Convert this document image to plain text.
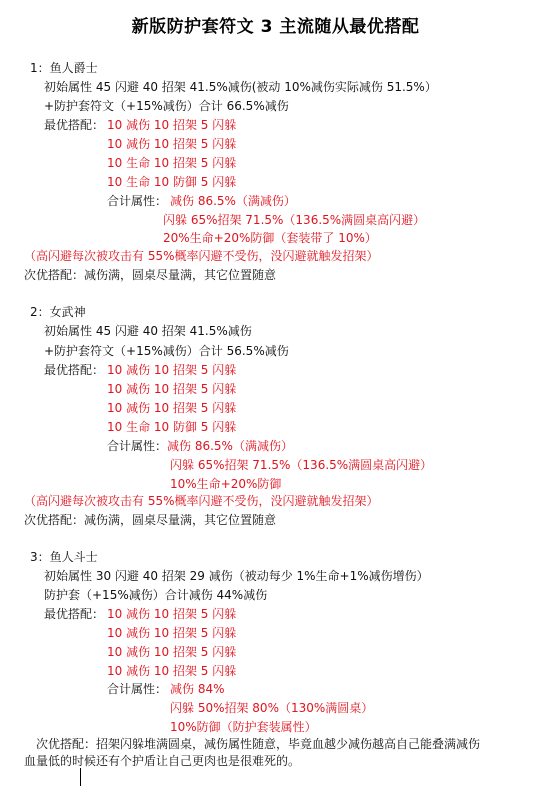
新版防护套符文 3 主流随从最优搭配
1：鱼人爵士
初始属性 45 闪避 40 招架 41.5%减伤(被动 10%减伤实际减伤 51.5%）
+防护套符文（+15%减伤）合计 66.5%减伤
最优搭配： 10 减伤 10 招架 5 闪躲
10 减伤 10 招架 5 闪躲
10 生命 10 招架 5 闪躲
10 生命 10 防御 5 闪躲
合计属性： 减伤 86.5%（满减伤）
闪躲 65%招架 71.5%（136.5%满圆桌高闪避）
20%生命+20%防御（套装带了 10%）
（高闪避每次被攻击有 55%概率闪避不受伤，没闪避就触发招架）
次优搭配：减伤满，圆桌尽量满，其它位置随意
2：女武神
初始属性 45 闪避 40 招架 41.5%减伤
+防护套符文（+15%减伤）合计 56.5%减伤
最优搭配： 10 减伤 10 招架 5 闪躲
10 减伤 10 招架 5 闪躲
10 减伤 10 招架 5 闪躲
10 生命 10 防御 5 闪躲
合计属性：减伤 86.5%（满减伤）
闪躲 65%招架 71.5%（136.5%满圆桌高闪避）
10%生命+20%防御
（高闪避每次被攻击有 55%概率闪避不受伤，没闪避就触发招架）
次优搭配：减伤满，圆桌尽量满，其它位置随意
3：鱼人斗士
初始属性 30 闪避 40 招架 29 减伤（被动每少 1%生命+1%减伤增伤）
防护套（+15%减伤）合计减伤 44%减伤
最优搭配： 10 减伤 10 招架 5 闪躲
10 减伤 10 招架 5 闪躲
10 减伤 10 招架 5 闪躲
10 减伤 10 招架 5 闪躲
合计属性： 减伤 84%
闪躲 50%招架 80%（130%满圆桌）
10%防御（防护套装属性）
次优搭配：招架闪躲堆满圆桌，减伤属性随意，毕竟血越少减伤越高自己能叠满减伤
血量低的时候还有个护盾让自己更肉也是很难死的。
